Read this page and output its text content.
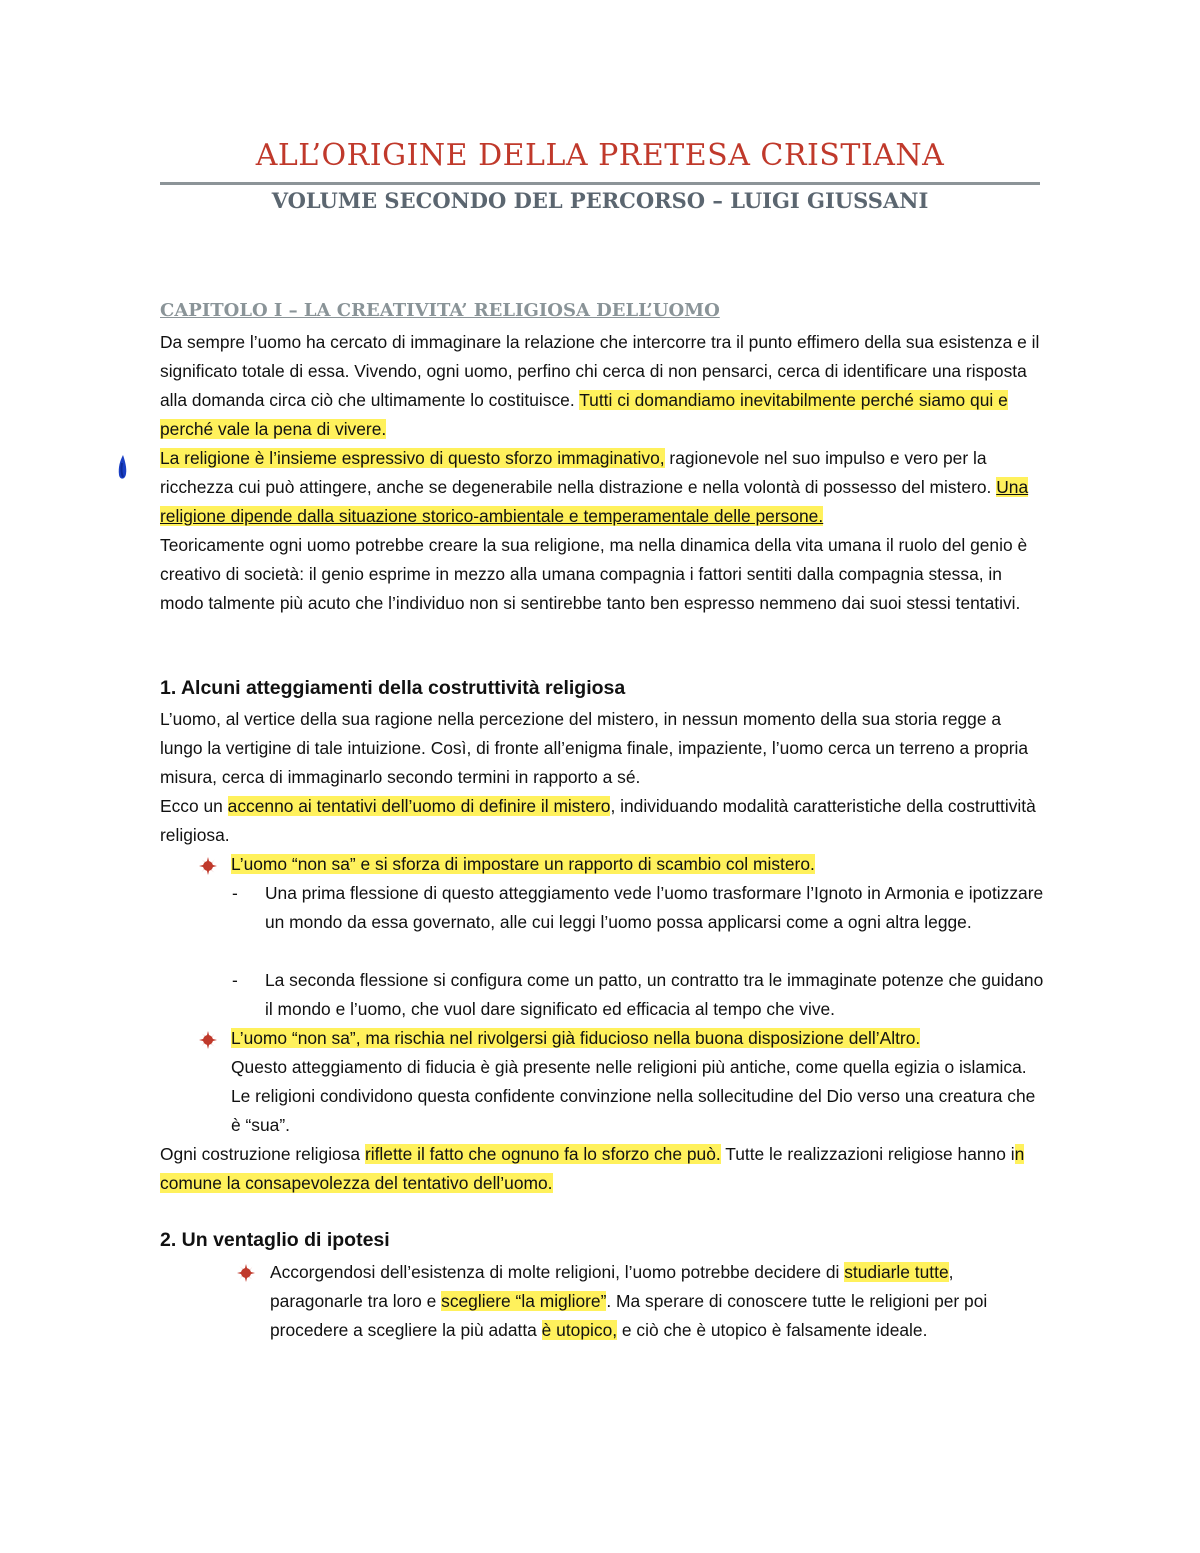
ALL’ORIGINE DELLA PRETESA CRISTIANA
VOLUME SECONDO DEL PERCORSO – LUIGI GIUSSANI
CAPITOLO I – LA CREATIVITA’ RELIGIOSA DELL’UOMO
Da sempre l’uomo ha cercato di immaginare la relazione che intercorre tra il punto effimero della sua esistenza e il significato totale di essa. Vivendo, ogni uomo, perfino chi cerca di non pensarci, cerca di identificare una risposta alla domanda circa ciò che ultimamente lo costituisce. Tutti ci domandiamo inevitabilmente perché siamo qui e perché vale la pena di vivere.
La religione è l’insieme espressivo di questo sforzo immaginativo, ragionevole nel suo impulso e vero per la ricchezza cui può attingere, anche se degenerabile nella distrazione e nella volontà di possesso del mistero. Una religione dipende dalla situazione storico-ambientale e temperamentale delle persone.
Teoricamente ogni uomo potrebbe creare la sua religione, ma nella dinamica della vita umana il ruolo del genio è creativo di società: il genio esprime in mezzo alla umana compagnia i fattori sentiti dalla compagnia stessa, in modo talmente più acuto che l’individuo non si sentirebbe tanto ben espresso nemmeno dai suoi stessi tentativi.
1. Alcuni atteggiamenti della costruttività religiosa
L’uomo, al vertice della sua ragione nella percezione del mistero, in nessun momento della sua storia regge a lungo la vertigine di tale intuizione. Così, di fronte all’enigma finale, impaziente, l’uomo cerca un terreno a propria misura, cerca di immaginarlo secondo termini in rapporto a sé.
Ecco un accenno ai tentativi dell’uomo di definire il mistero, individuando modalità caratteristiche della costruttività religiosa.
L’uomo “non sa” e si sforza di impostare un rapporto di scambio col mistero.
- Una prima flessione di questo atteggiamento vede l’uomo trasformare l’Ignoto in Armonia e ipotizzare un mondo da essa governato, alle cui leggi l’uomo possa applicarsi come a ogni altra legge.
- La seconda flessione si configura come un patto, un contratto tra le immaginate potenze che guidano il mondo e l’uomo, che vuol dare significato ed efficacia al tempo che vive.
L’uomo “non sa”, ma rischia nel rivolgersi già fiducioso nella buona disposizione dell’Altro.
Questo atteggiamento di fiducia è già presente nelle religioni più antiche, come quella egizia o islamica. Le religioni condividono questa confidente convinzione nella sollecitudine del Dio verso una creatura che è “sua”.
Ogni costruzione religiosa riflette il fatto che ognuno fa lo sforzo che può. Tutte le realizzazioni religiose hanno in comune la consapevolezza del tentativo dell’uomo.
2. Un ventaglio di ipotesi
Accorgendosi dell’esistenza di molte religioni, l’uomo potrebbe decidere di studiarle tutte, paragonarle tra loro e scegliere “la migliore”. Ma sperare di conoscere tutte le religioni per poi procedere a scegliere la più adatta è utopico, e ciò che è utopico è falsamente ideale.
